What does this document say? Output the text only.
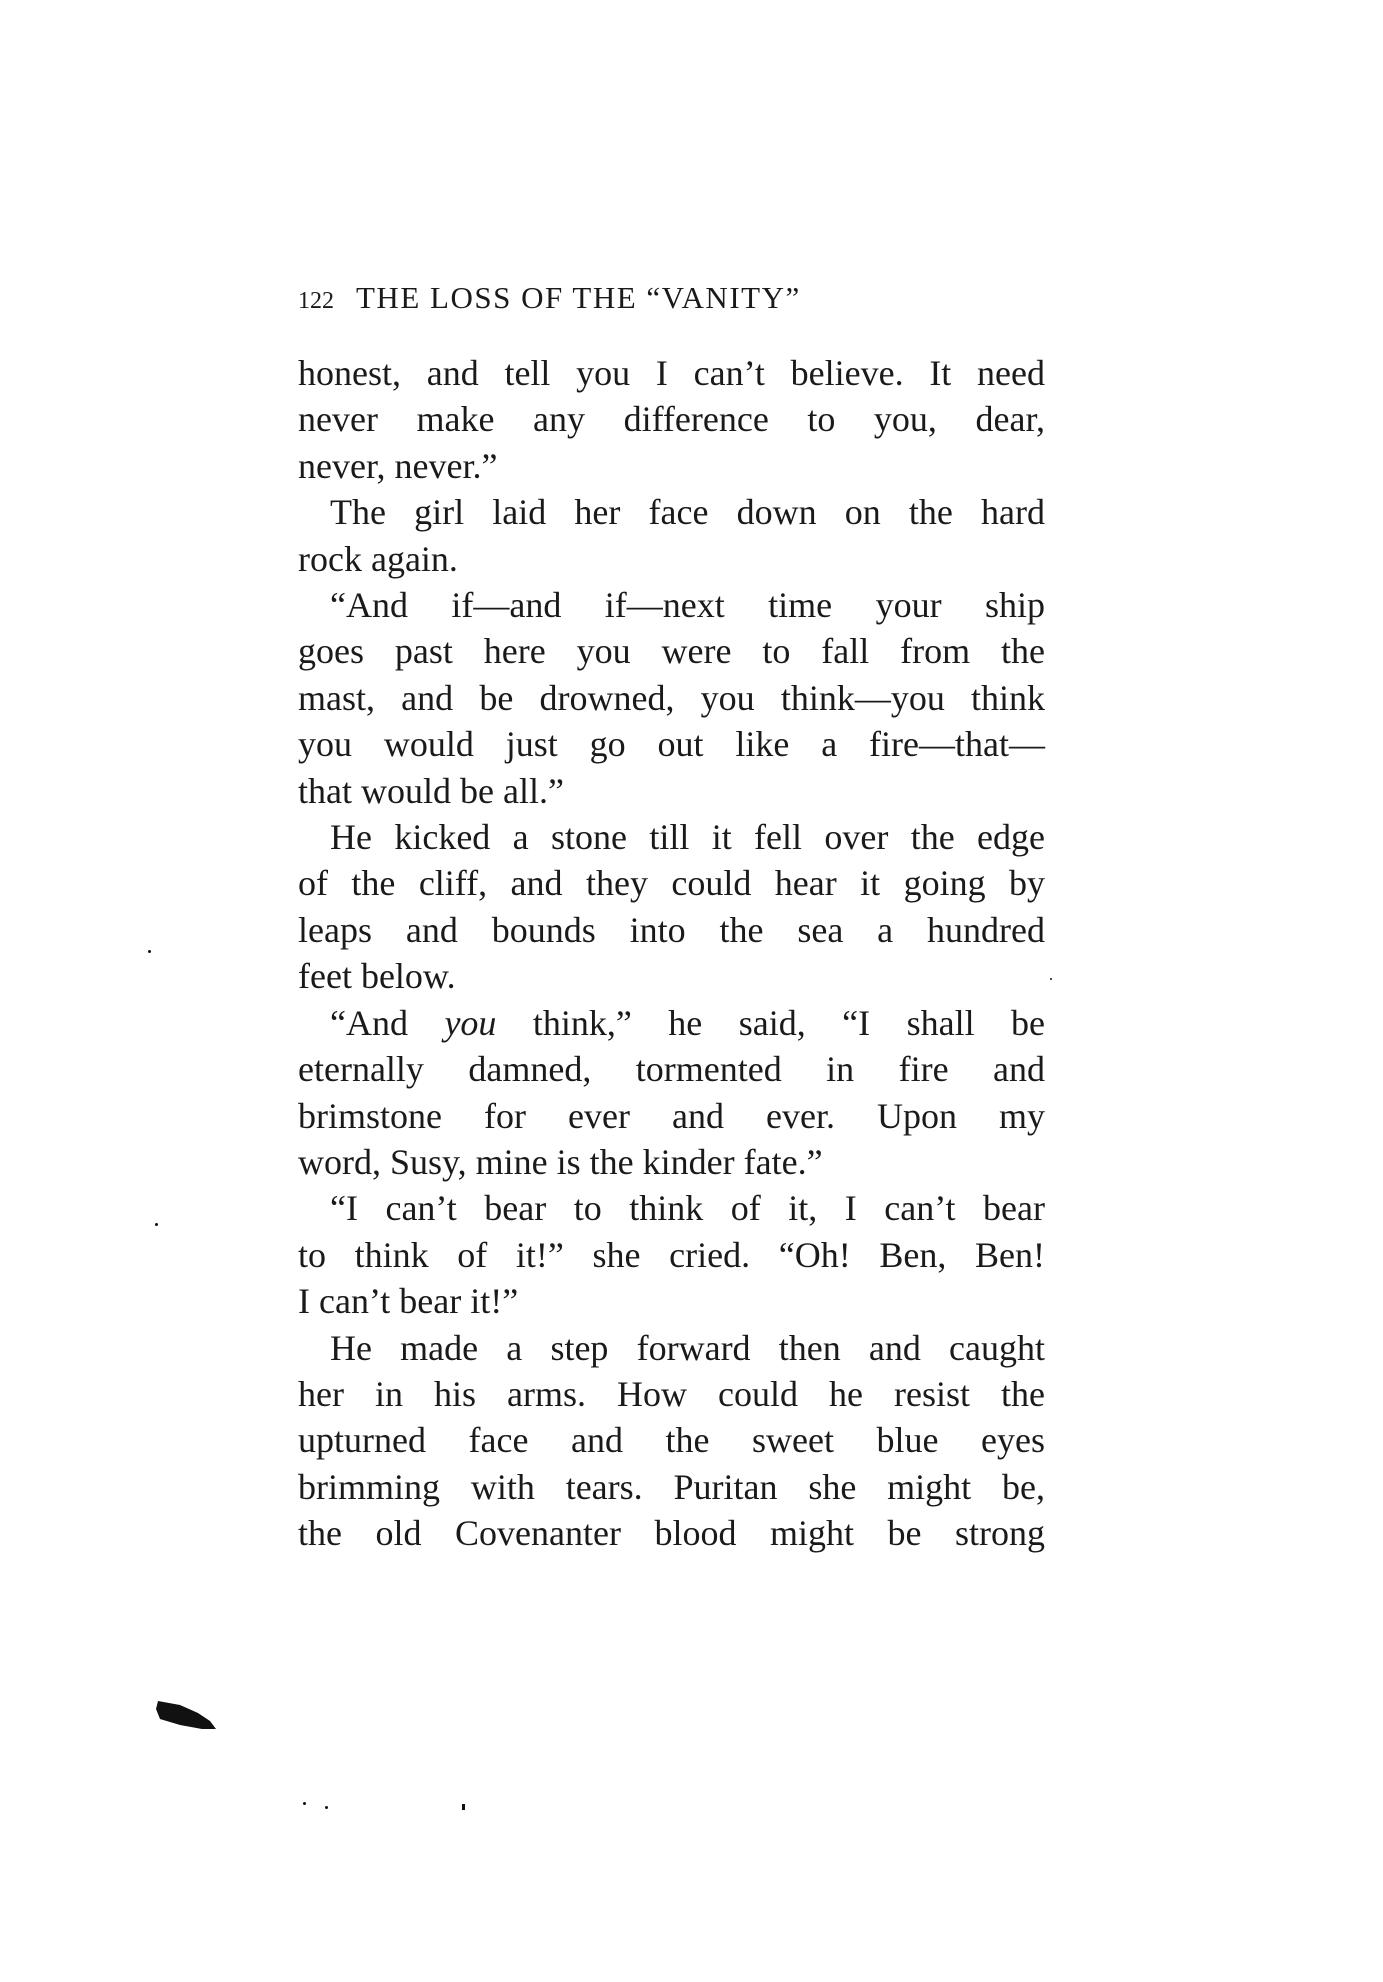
122 THE LOSS OF THE “VANITY”

honest, and tell you I can’t believe. It need

never make any difference to you, dear,

never, never.”

The girl laid her face down on the hard

rock again.

“And if—and if—next time your ship

goes past here you were to fall from the

mast, and be drowned, you think—you think

you would just go out like a fire—that—

that would be all.”

He kicked a stone till it fell over the edge

of the cliff, and they could hear it going by

leaps and bounds into the sea a hundred

feet below.

“And you think,” he said, “I shall be

eternally damned, tormented in fire and

brimstone for ever and ever. Upon my

word, Susy, mine is the kinder fate.”

“I can’t bear to think of it, I can’t bear

to think of it!” she cried. “Oh! Ben, Ben!

I can’t bear it!”

He made a step forward then and caught

her in his arms. How could he resist the

upturned face and the sweet blue eyes

brimming with tears. Puritan she might be,

the old Covenanter blood might be strong
